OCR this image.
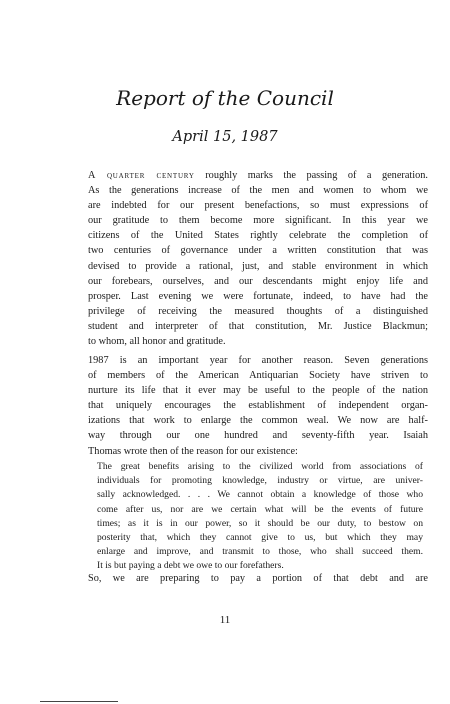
Report of the Council
April 15, 1987
A quarter century roughly marks the passing of a generation.
As the generations increase of the men and women to whom we
are indebted for our present benefactions, so must expressions of
our gratitude to them become more significant. In this year we
citizens of the United States rightly celebrate the completion of
two centuries of governance under a written constitution that was
devised to provide a rational, just, and stable environment in which
our forebears, ourselves, and our descendants might enjoy life and
prosper. Last evening we were fortunate, indeed, to have had the
privilege of receiving the measured thoughts of a distinguished
student and interpreter of that constitution, Mr. Justice Blackmun;
to whom, all honor and gratitude.
1987 is an important year for another reason. Seven generations
of members of the American Antiquarian Society have striven to
nurture its life that it ever may be useful to the people of the nation
that uniquely encourages the establishment of independent organ-
izations that work to enlarge the common weal. We now are half-
way through our one hundred and seventy-fifth year. Isaiah
Thomas wrote then of the reason for our existence:
The great benefits arising to the civilized world from associations of
individuals for promoting knowledge, industry or virtue, are univer-
sally acknowledged. . . . We cannot obtain a knowledge of those who
come after us, nor are we certain what will be the events of future
times; as it is in our power, so it should be our duty, to bestow on
posterity that, which they cannot give to us, but which they may
enlarge and improve, and transmit to those, who shall succeed them.
It is but paying a debt we owe to our forefathers.
So, we are preparing to pay a portion of that debt and are
11
